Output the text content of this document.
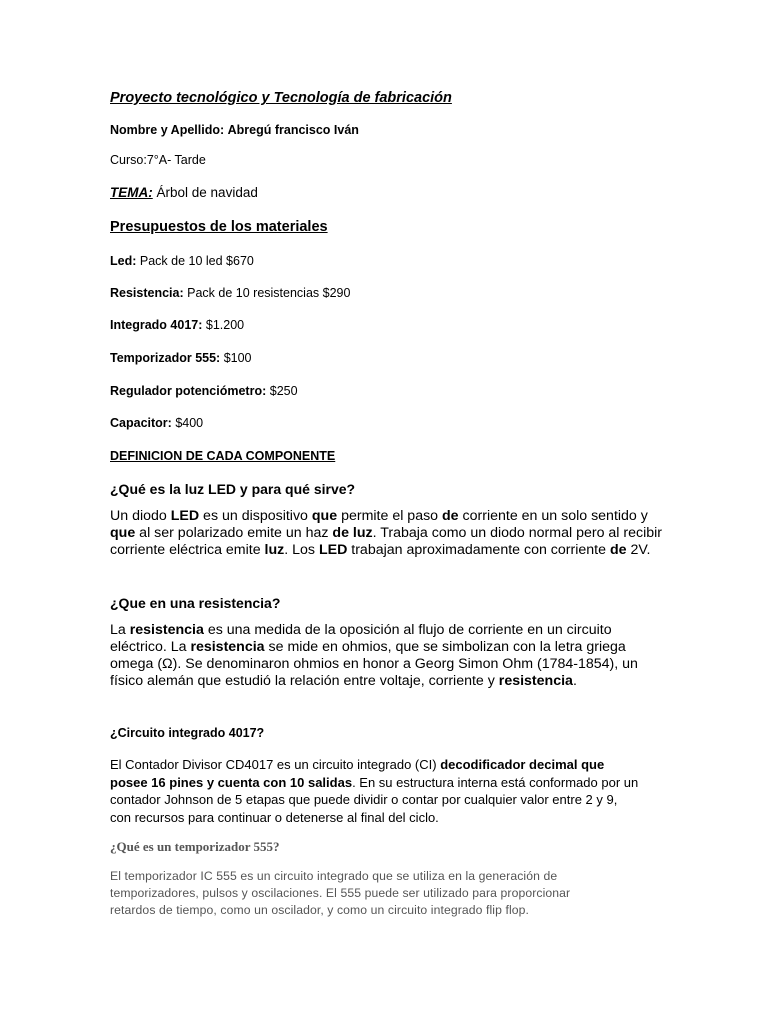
Proyecto tecnológico y Tecnología de fabricación
Nombre y Apellido: Abregú francisco Iván
Curso:7°A- Tarde
TEMA: Árbol de navidad
Presupuestos de los materiales
Led: Pack de 10 led $670
Resistencia: Pack de 10 resistencias $290
Integrado 4017: $1.200
Temporizador 555: $100
Regulador potenciómetro: $250
Capacitor: $400
DEFINICION DE CADA COMPONENTE
¿Qué es la luz LED y para qué sirve?
Un diodo LED es un dispositivo que permite el paso de corriente en un solo sentido y que al ser polarizado emite un haz de luz. Trabaja como un diodo normal pero al recibir corriente eléctrica emite luz. Los LED trabajan aproximadamente con corriente de 2V.
¿Que en una resistencia?
La resistencia es una medida de la oposición al flujo de corriente en un circuito eléctrico. La resistencia se mide en ohmios, que se simbolizan con la letra griega omega (Ω). Se denominaron ohmios en honor a Georg Simon Ohm (1784-1854), un físico alemán que estudió la relación entre voltaje, corriente y resistencia.
¿Circuito integrado 4017?
El Contador Divisor CD4017 es un circuito integrado (CI) decodificador decimal que posee 16 pines y cuenta con 10 salidas. En su estructura interna está conformado por un contador Johnson de 5 etapas que puede dividir o contar por cualquier valor entre 2 y 9, con recursos para continuar o detenerse al final del ciclo.
¿Qué es un temporizador 555?
El temporizador IC 555 es un circuito integrado que se utiliza en la generación de temporizadores, pulsos y oscilaciones. El 555 puede ser utilizado para proporcionar retardos de tiempo, como un oscilador, y como un circuito integrado flip flop.
